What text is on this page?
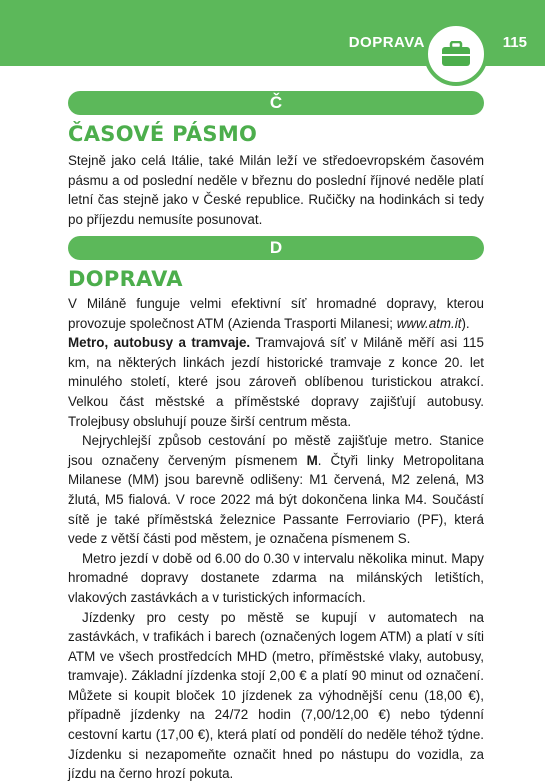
DOPRAVA	115
Č
ČASOVÉ PÁSMO

Stejně jako celá Itálie, také Milán leží ve středoevropském časovém pásmu a od poslední neděle v březnu do poslední říjnové neděle platí letní čas stejně jako v České republice. Ručičky na hodinkách si tedy po příjezdu nemusíte posunovat.

D
DOPRAVA

V Miláně funguje velmi efektivní síť hromadné dopravy, kterou provozuje společnost ATM (Azienda Trasporti Milanesi; www.atm.it).

Metro, autobusy a tramvaje. Tramvajová síť v Miláně měří asi 115 km, na některých linkách jezdí historické tramvaje z konce 20. let minulého století, které jsou zároveň oblíbenou turistickou atrakcí. Velkou část městské a příměstské dopravy zajišťují autobusy. Trolejbusy obsluhují pouze širší centrum města.

Nejrychlejší způsob cestování po městě zajišťuje metro. Stanice jsou označeny červeným písmenem M. Čtyři linky Metropolitana Milanese (MM) jsou barevně odlišeny: M1 červená, M2 zelená, M3 žlutá, M5 fialová. V roce 2022 má být dokončena linka M4. Součástí sítě je také příměstská železnice Passante Ferroviario (PF), která vede z větší části pod městem, je označena písmenem S.

Metro jezdí v době od 6.00 do 0.30 v intervalu několika minut. Mapy hromadné dopravy dostanete zdarma na milánských letištích, vlakových zastávkách a v turistických informacích.

Jízdenky pro cesty po městě se kupují v automatech na zastávkách, v trafikách i barech (označených logem ATM) a platí v síti ATM ve všech prostředcích MHD (metro, příměstské vlaky, autobusy, tramvaje). Základní jízdenka stojí 2,00 € a platí 90 minut od označení. Můžete si koupit bloček 10 jízdenek za výhodnější cenu (18,00 €), případně jízdenky na 24/72 hodin (7,00/12,00 €) nebo týdenní cestovní kartu (17,00 €), která platí od pondělí do neděle téhož týdne. Jízdenku si nezapomeňte označit hned po nástupu do vozidla, za jízdu na černo hrozí pokuta.
